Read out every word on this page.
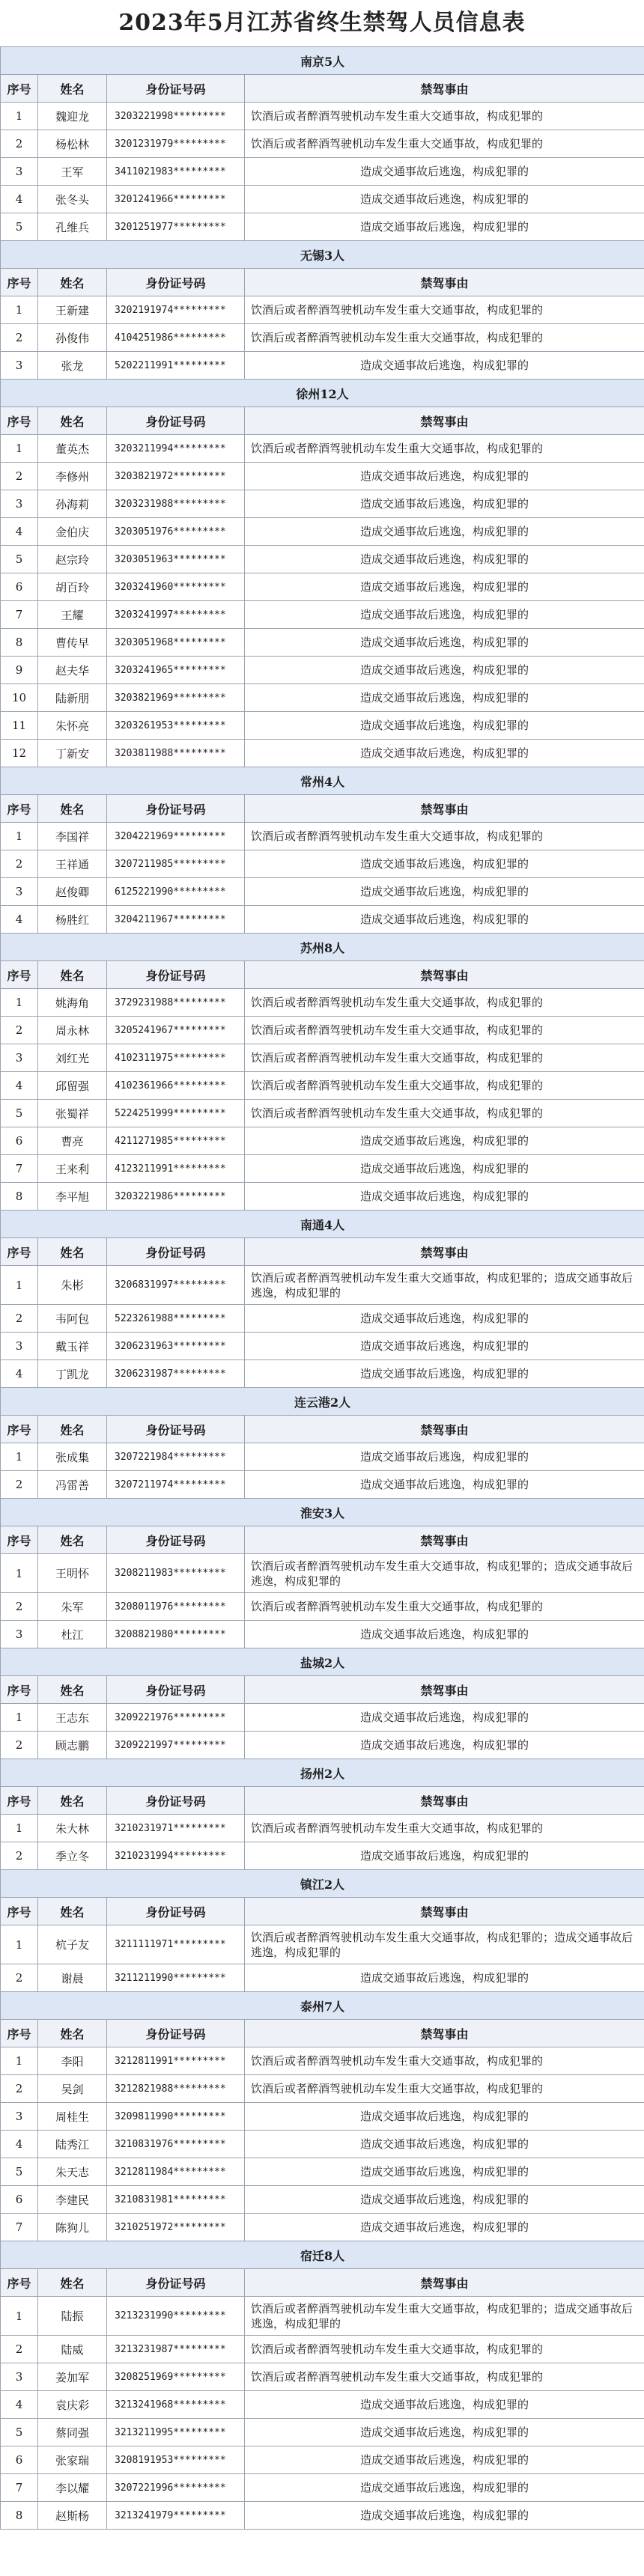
2023年5月江苏省终生禁驾人员信息表
南京5人			
序号	姓名	身份证号码	禁驾事由
1	魏迎龙	3203221998*********	饮酒后或者醉酒驾驶机动车发生重大交通事故，构成犯罪的
2	杨松林	3201231979*********	饮酒后或者醉酒驾驶机动车发生重大交通事故，构成犯罪的
3	王军	3411021983*********	造成交通事故后逃逸，构成犯罪的
4	张冬头	3201241966*********	造成交通事故后逃逸，构成犯罪的
5	孔维兵	3201251977*********	造成交通事故后逃逸，构成犯罪的
无锡3人			
序号	姓名	身份证号码	禁驾事由
1	王新建	3202191974*********	饮酒后或者醉酒驾驶机动车发生重大交通事故，构成犯罪的
2	孙俊伟	4104251986*********	饮酒后或者醉酒驾驶机动车发生重大交通事故，构成犯罪的
3	张龙	5202211991*********	造成交通事故后逃逸，构成犯罪的
徐州12人			
序号	姓名	身份证号码	禁驾事由
1	董英杰	3203211994*********	饮酒后或者醉酒驾驶机动车发生重大交通事故，构成犯罪的
2	李修州	3203821972*********	造成交通事故后逃逸，构成犯罪的
3	孙海莉	3203231988*********	造成交通事故后逃逸，构成犯罪的
4	金伯庆	3203051976*********	造成交通事故后逃逸，构成犯罪的
5	赵宗玲	3203051963*********	造成交通事故后逃逸，构成犯罪的
6	胡百玲	3203241960*********	造成交通事故后逃逸，构成犯罪的
7	王耀	3203241997*********	造成交通事故后逃逸，构成犯罪的
8	曹传早	3203051968*********	造成交通事故后逃逸，构成犯罪的
9	赵夫华	3203241965*********	造成交通事故后逃逸，构成犯罪的
10	陆新朋	3203821969*********	造成交通事故后逃逸，构成犯罪的
11	朱怀亮	3203261953*********	造成交通事故后逃逸，构成犯罪的
12	丁新安	3203811988*********	造成交通事故后逃逸，构成犯罪的
常州4人			
序号	姓名	身份证号码	禁驾事由
1	李国祥	3204221969*********	饮酒后或者醉酒驾驶机动车发生重大交通事故，构成犯罪的
2	王祥通	3207211985*********	造成交通事故后逃逸，构成犯罪的
3	赵俊卿	6125221990*********	造成交通事故后逃逸，构成犯罪的
4	杨胜红	3204211967*********	造成交通事故后逃逸，构成犯罪的
苏州8人			
序号	姓名	身份证号码	禁驾事由
1	姚海角	3729231988*********	饮酒后或者醉酒驾驶机动车发生重大交通事故，构成犯罪的
2	周永林	3205241967*********	饮酒后或者醉酒驾驶机动车发生重大交通事故，构成犯罪的
3	刘红光	4102311975*********	饮酒后或者醉酒驾驶机动车发生重大交通事故，构成犯罪的
4	邱留强	4102361966*********	饮酒后或者醉酒驾驶机动车发生重大交通事故，构成犯罪的
5	张蜀祥	5224251999*********	饮酒后或者醉酒驾驶机动车发生重大交通事故，构成犯罪的
6	曹亮	4211271985*********	造成交通事故后逃逸，构成犯罪的
7	王来利	4123211991*********	造成交通事故后逃逸，构成犯罪的
8	李平旭	3203221986*********	造成交通事故后逃逸，构成犯罪的
南通4人			
序号	姓名	身份证号码	禁驾事由
1	朱彬	3206831997*********	饮酒后或者醉酒驾驶机动车发生重大交通事故，构成犯罪的；造成交通事故后逃逸，构成犯罪的
2	韦阿包	5223261988*********	造成交通事故后逃逸，构成犯罪的
3	戴玉祥	3206231963*********	造成交通事故后逃逸，构成犯罪的
4	丁凯龙	3206231987*********	造成交通事故后逃逸，构成犯罪的
连云港2人			
序号	姓名	身份证号码	禁驾事由
1	张成集	3207221984*********	造成交通事故后逃逸，构成犯罪的
2	冯雷善	3207211974*********	造成交通事故后逃逸，构成犯罪的
淮安3人			
序号	姓名	身份证号码	禁驾事由
1	王明怀	3208211983*********	饮酒后或者醉酒驾驶机动车发生重大交通事故，构成犯罪的；造成交通事故后逃逸，构成犯罪的
2	朱军	3208011976*********	饮酒后或者醉酒驾驶机动车发生重大交通事故，构成犯罪的
3	杜江	3208821980*********	造成交通事故后逃逸，构成犯罪的
盐城2人			
序号	姓名	身份证号码	禁驾事由
1	王志东	3209221976*********	造成交通事故后逃逸，构成犯罪的
2	顾志鹏	3209221997*********	造成交通事故后逃逸，构成犯罪的
扬州2人			
序号	姓名	身份证号码	禁驾事由
1	朱大林	3210231971*********	饮酒后或者醉酒驾驶机动车发生重大交通事故，构成犯罪的
2	季立冬	3210231994*********	造成交通事故后逃逸，构成犯罪的
镇江2人			
序号	姓名	身份证号码	禁驾事由
1	杭子友	3211111971*********	饮酒后或者醉酒驾驶机动车发生重大交通事故，构成犯罪的；造成交通事故后逃逸，构成犯罪的
2	谢晨	3211211990*********	造成交通事故后逃逸，构成犯罪的
泰州7人			
序号	姓名	身份证号码	禁驾事由
1	李阳	3212811991*********	饮酒后或者醉酒驾驶机动车发生重大交通事故，构成犯罪的
2	吴剑	3212821988*********	饮酒后或者醉酒驾驶机动车发生重大交通事故，构成犯罪的
3	周桂生	3209811990*********	造成交通事故后逃逸，构成犯罪的
4	陆秀江	3210831976*********	造成交通事故后逃逸，构成犯罪的
5	朱天志	3212811984*********	造成交通事故后逃逸，构成犯罪的
6	李建民	3210831981*********	造成交通事故后逃逸，构成犯罪的
7	陈狗儿	3210251972*********	造成交通事故后逃逸，构成犯罪的
宿迁8人			
序号	姓名	身份证号码	禁驾事由
1	陆振	3213231990*********	饮酒后或者醉酒驾驶机动车发生重大交通事故，构成犯罪的；造成交通事故后逃逸，构成犯罪的
2	陆威	3213231987*********	饮酒后或者醉酒驾驶机动车发生重大交通事故，构成犯罪的
3	姜加军	3208251969*********	饮酒后或者醉酒驾驶机动车发生重大交通事故，构成犯罪的
4	袁庆彩	3213241968*********	造成交通事故后逃逸，构成犯罪的
5	蔡同强	3213211995*********	造成交通事故后逃逸，构成犯罪的
6	张家瑞	3208191953*********	造成交通事故后逃逸，构成犯罪的
7	李以耀	3207221996*********	造成交通事故后逃逸，构成犯罪的
8	赵斯杨	3213241979*********	造成交通事故后逃逸，构成犯罪的
